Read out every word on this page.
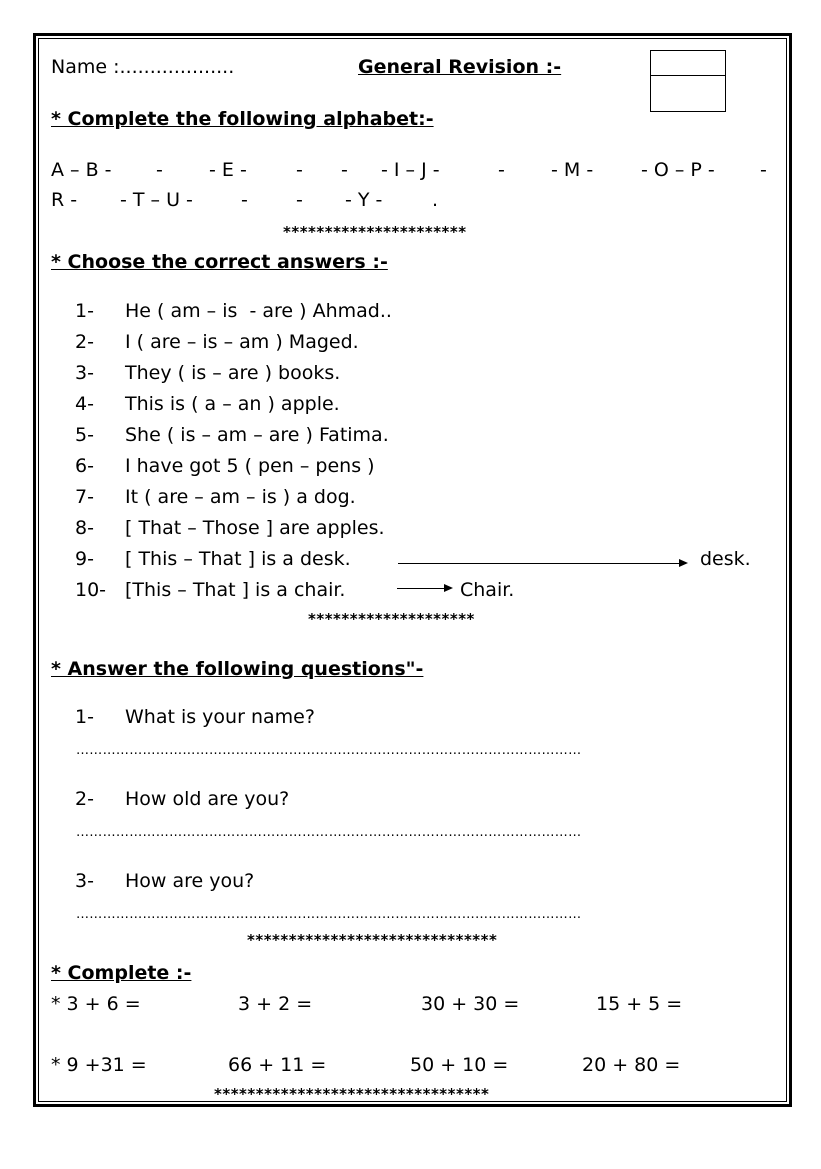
Name :...................	General Revision :-
* Complete the following alphabet:-
A – B - - - E -	- - - I – J -	- - M -	- O – P - -
R - - T – U -	-	- - Y -	.
**********************
* Choose the correct answers :-
1- He ( am – is  - are ) Ahmad..
2- I ( are – is – am ) Maged.
3- They ( is – are ) books.
4- This is ( a – an ) apple.
5- She ( is – am – are ) Fatima.
6- I have got 5 ( pen – pens )
7- It ( are – am – is ) a dog.
8- [ That – Those ] are apples.
9- [ This – That ] is a desk.	desk.
10- [This – That ] is a chair.	Chair.
********************
* Answer the following questions"-
1- What is your name?
……………………………………………………………………………………………………
2- How old are you?
……………………………………………………………………………………………………
3- How are you?
……………………………………………………………………………………………………
******************************
* Complete :-
* 3 + 6 =	3 + 2 =	30 + 30 =	15 + 5 =
* 9 +31 =	66 + 11 =	50 + 10 =	20 + 80 =
*********************************
